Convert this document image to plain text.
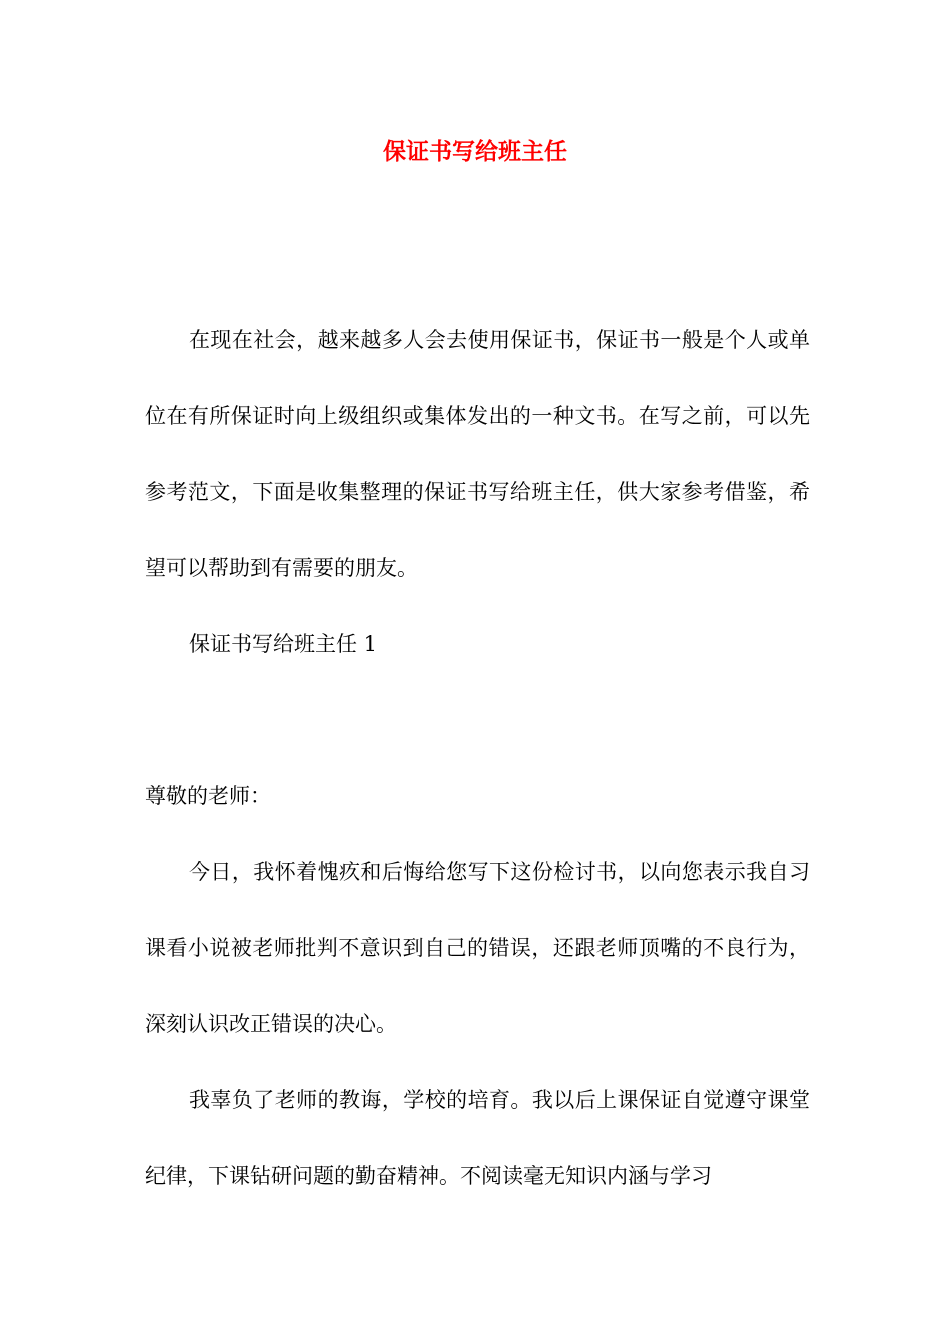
保证书写给班主任

在现在社会，越来越多人会去使用保证书，保证书一般是个人或单位在有所保证时向上级组织或集体发出的一种文书。在写之前，可以先参考范文，下面是收集整理的保证书写给班主任，供大家参考借鉴，希望可以帮助到有需要的朋友。

保证书写给班主任 1

尊敬的老师：

今日，我怀着愧疚和后悔给您写下这份检讨书，以向您表示我自习课看小说被老师批判不意识到自己的错误，还跟老师顶嘴的不良行为，深刻认识改正错误的决心。

我辜负了老师的教诲，学校的培育。我以后上课保证自觉遵守课堂纪律，下课钻研问题的勤奋精神。不阅读毫无知识内涵与学习
